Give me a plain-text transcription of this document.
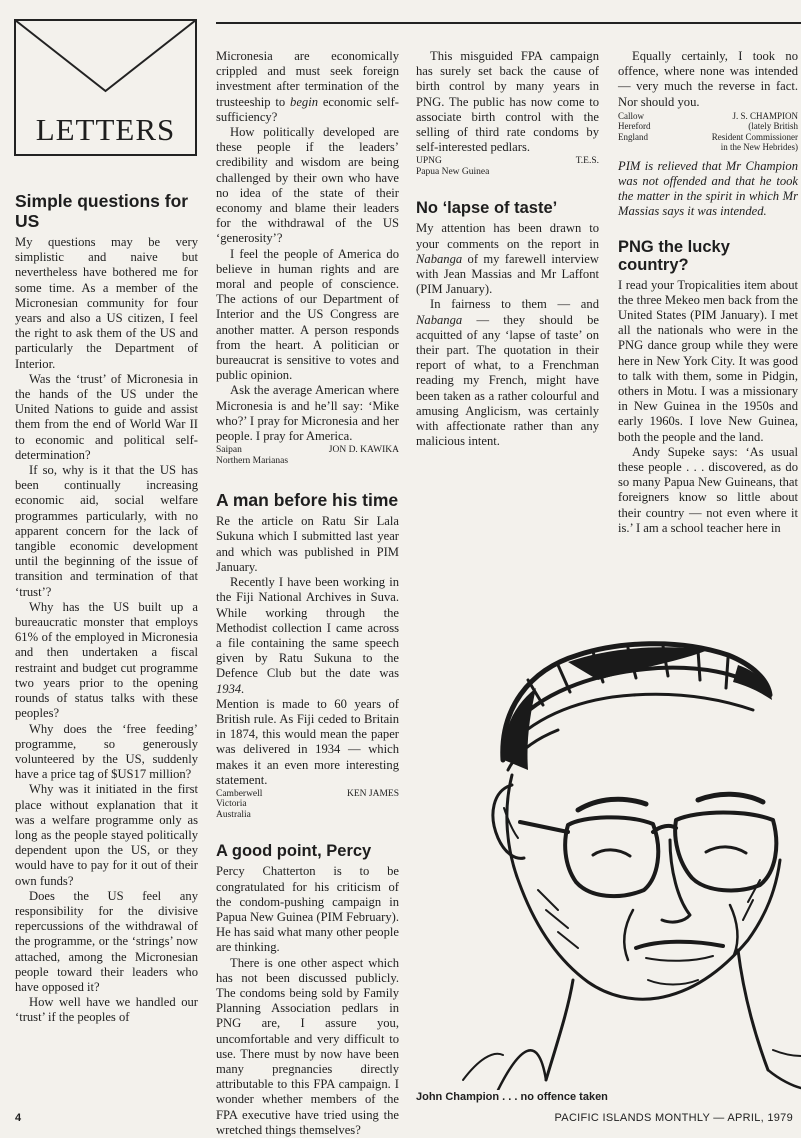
LETTERS
Simple questions for US

My questions may be very simplistic and naive but nevertheless have bothered me for some time. As a member of the Micronesian community for four years and also a US citizen, I feel the right to ask them of the US and particularly the Department of Interior.

Was the ‘trust’ of Micronesia in the hands of the US under the United Nations to guide and assist them from the end of World War II to economic and political self-determination?

If so, why is it that the US has been continually increasing economic aid, social welfare programmes particularly, with no apparent concern for the lack of tangible economic development until the beginning of the issue of transition and termination of that ‘trust’?

Why has the US built up a bureaucratic monster that employs 61% of the employed in Micronesia and then undertaken a fiscal restraint and budget cut programme two years prior to the opening rounds of status talks with these peoples?

Why does the ‘free feeding’ programme, so generously volunteered by the US, suddenly have a price tag of $US17 million?

Why was it initiated in the first place without explanation that it was a welfare programme only as long as the people stayed politically dependent upon the US, or they would have to pay for it out of their own funds?

Does the US feel any responsibility for the divisive repercussions of the withdrawal of the programme, or the ‘strings’ now attached, among the Micronesian people toward their leaders who have opposed it?

How well have we handled our ‘trust’ if the peoples of

Micronesia are economically crippled and must seek foreign investment after termination of the trusteeship to begin economic self-sufficiency?

How politically developed are these people if the leaders’ credibility and wisdom are being challenged by their own who have no idea of the state of their economy and blame their leaders for the withdrawal of the US ‘generosity’?

I feel the people of America do believe in human rights and are moral and people of conscience. The actions of our Department of Interior and the US Congress are another matter. A person responds from the heart. A politician or bureaucrat is sensitive to votes and public opinion.

Ask the average American where Micronesia is and he’ll say: ‘Mike who?’ I pray for Micronesia and her people. I pray for America.

Saipan
Northern Marianas
JON D. KAWIKA
A man before his time

Re the article on Ratu Sir Lala Sukuna which I submitted last year and which was published in PIM January.

Recently I have been working in the Fiji National Archives in Suva. While working through the Methodist collection I came across a file containing the same speech given by Ratu Sukuna to the Defence Club but the date was 1934.

Mention is made to 60 years of British rule. As Fiji ceded to Britain in 1874, this would mean the paper was delivered in 1934 — which makes it an even more interesting statement.

Camberwell
Victoria
Australia
KEN JAMES
A good point, Percy

Percy Chatterton is to be congratulated for his criticism of the condom-pushing campaign in Papua New Guinea (PIM February). He has said what many other people are thinking.

There is one other aspect which has not been discussed publicly. The condoms being sold by Family Planning Association pedlars in PNG are, I assure you, uncomfortable and very difficult to use. There must by now have been many pregnancies directly attributable to this FPA campaign. I wonder whether members of the FPA executive have tried using the wretched things themselves?

This misguided FPA campaign has surely set back the cause of birth control by many years in PNG. The public has now come to associate birth control with the selling of third rate condoms by self-interested pedlars.

UPNG
Papua New Guinea
T.E.S.
No ‘lapse of taste’

My attention has been drawn to your comments on the report in Nabanga of my farewell interview with Jean Massias and Mr Laffont (PIM January).

In fairness to them — and Nabanga — they should be acquitted of any ‘lapse of taste’ on their part. The quotation in their report of what, to a Frenchman reading my French, might have been taken as a rather colourful and amusing Anglicism, was certainly with affectionate rather than any malicious intent.

Equally certainly, I took no offence, where none was intended — very much the reverse in fact. Nor should you.

Callow
Hereford
England
J. S. CHAMPION
(lately British
Resident Commissioner
in the New Hebrides)

PIM is relieved that Mr Champion was not offended and that he took the matter in the spirit in which Mr Massias says it was intended.

PNG the lucky country?

I read your Tropicalities item about the three Mekeo men back from the United States (PIM January). I met all the nationals who were in the PNG dance group while they were here in New York City. It was good to talk with them, some in Pidgin, others in Motu. I was a missionary in New Guinea in the 1950s and early 1960s. I love New Guinea, both the people and the land.

Andy Supeke says: ‘As usual these people . . . discovered, as do so many Papua New Guineans, that foreigners know so little about their country — not even where it is.’ I am a school teacher here in

John Champion . . . no offence taken
4	PACIFIC ISLANDS MONTHLY — APRIL, 1979
